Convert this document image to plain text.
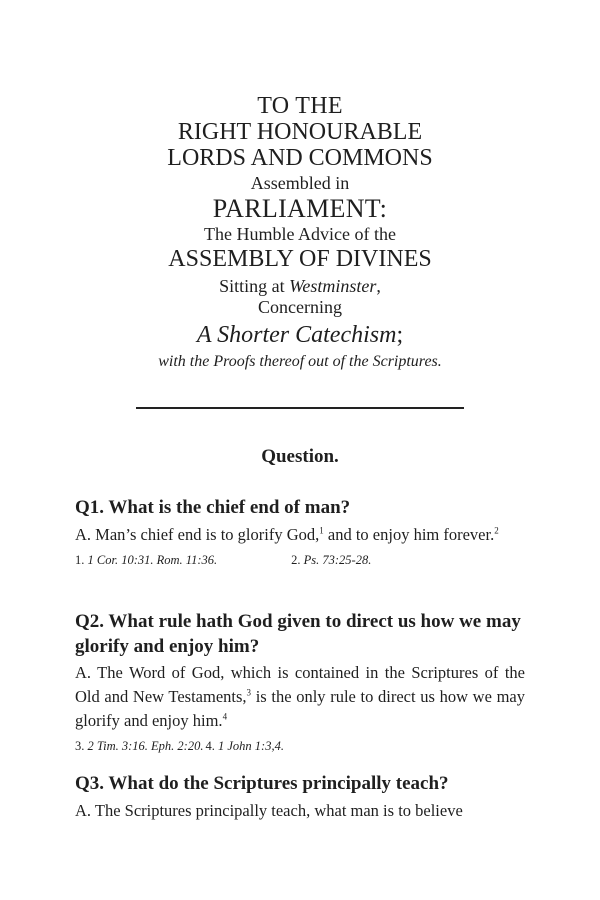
TO THE
RIGHT HONOURABLE
LORDS AND COMMONS
Assembled in
PARLIAMENT:
The Humble Advice of the
ASSEMBLY OF DIVINES
Sitting at Westminster,
Concerning
A Shorter Catechism;
with the Proofs thereof out of the Scriptures.
Question.

Q1. What is the chief end of man?

A. Man’s chief end is to glorify God,$^1$ and to enjoy him forever.$^2$

1. 1 Cor. 10:31. Rom. 11:36.	2. Ps. 73:25-28.

Q2. What rule hath God given to direct us how we may glorify and enjoy him?

A. The Word of God, which is contained in the Scriptures of the Old and New Testaments,$^3$ is the only rule to direct us how we may glorify and enjoy him.$^4$

3. 2 Tim. 3:16. Eph. 2:20. 4. 1 John 1:3,4.

Q3. What do the Scriptures principally teach?

A. The Scriptures principally teach, what man is to believe
